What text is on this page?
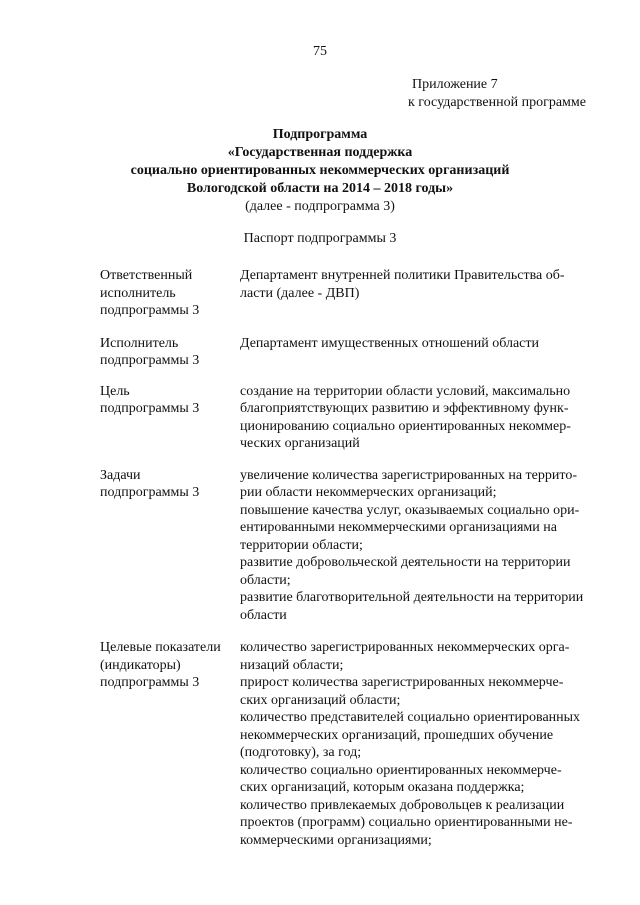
75
Приложение 7
к государственной программе
Подпрограмма
«Государственная поддержка
социально ориентированных некоммерческих организаций
Вологодской области на 2014 – 2018 годы»
(далее - подпрограмма 3)
Паспорт подпрограммы 3
Ответственный
исполнитель
подпрограммы 3
Департамент внутренней политики Правительства об-
ласти (далее - ДВП)
Исполнитель
подпрограммы 3
Департамент имущественных отношений области
Цель
подпрограммы 3
создание на территории области условий, максимально
благоприятствующих развитию и эффективному функ-
ционированию социально ориентированных некоммер-
ческих организаций
Задачи
подпрограммы 3
увеличение количества зарегистрированных на террито-
рии области некоммерческих организаций;
повышение качества услуг, оказываемых социально ори-
ентированными некоммерческими организациями на
территории области;
развитие добровольческой деятельности на территории
области;
развитие благотворительной деятельности на территории
области
Целевые показатели
(индикаторы)
подпрограммы 3
количество зарегистрированных некоммерческих орга-
низаций области;
прирост количества зарегистрированных некоммерче-
ских организаций области;
количество представителей социально ориентированных
некоммерческих организаций, прошедших обучение
(подготовку), за год;
количество социально ориентированных некоммерче-
ских организаций, которым оказана поддержка;
количество привлекаемых добровольцев к реализации
проектов (программ) социально ориентированными не-
коммерческими организациями;
